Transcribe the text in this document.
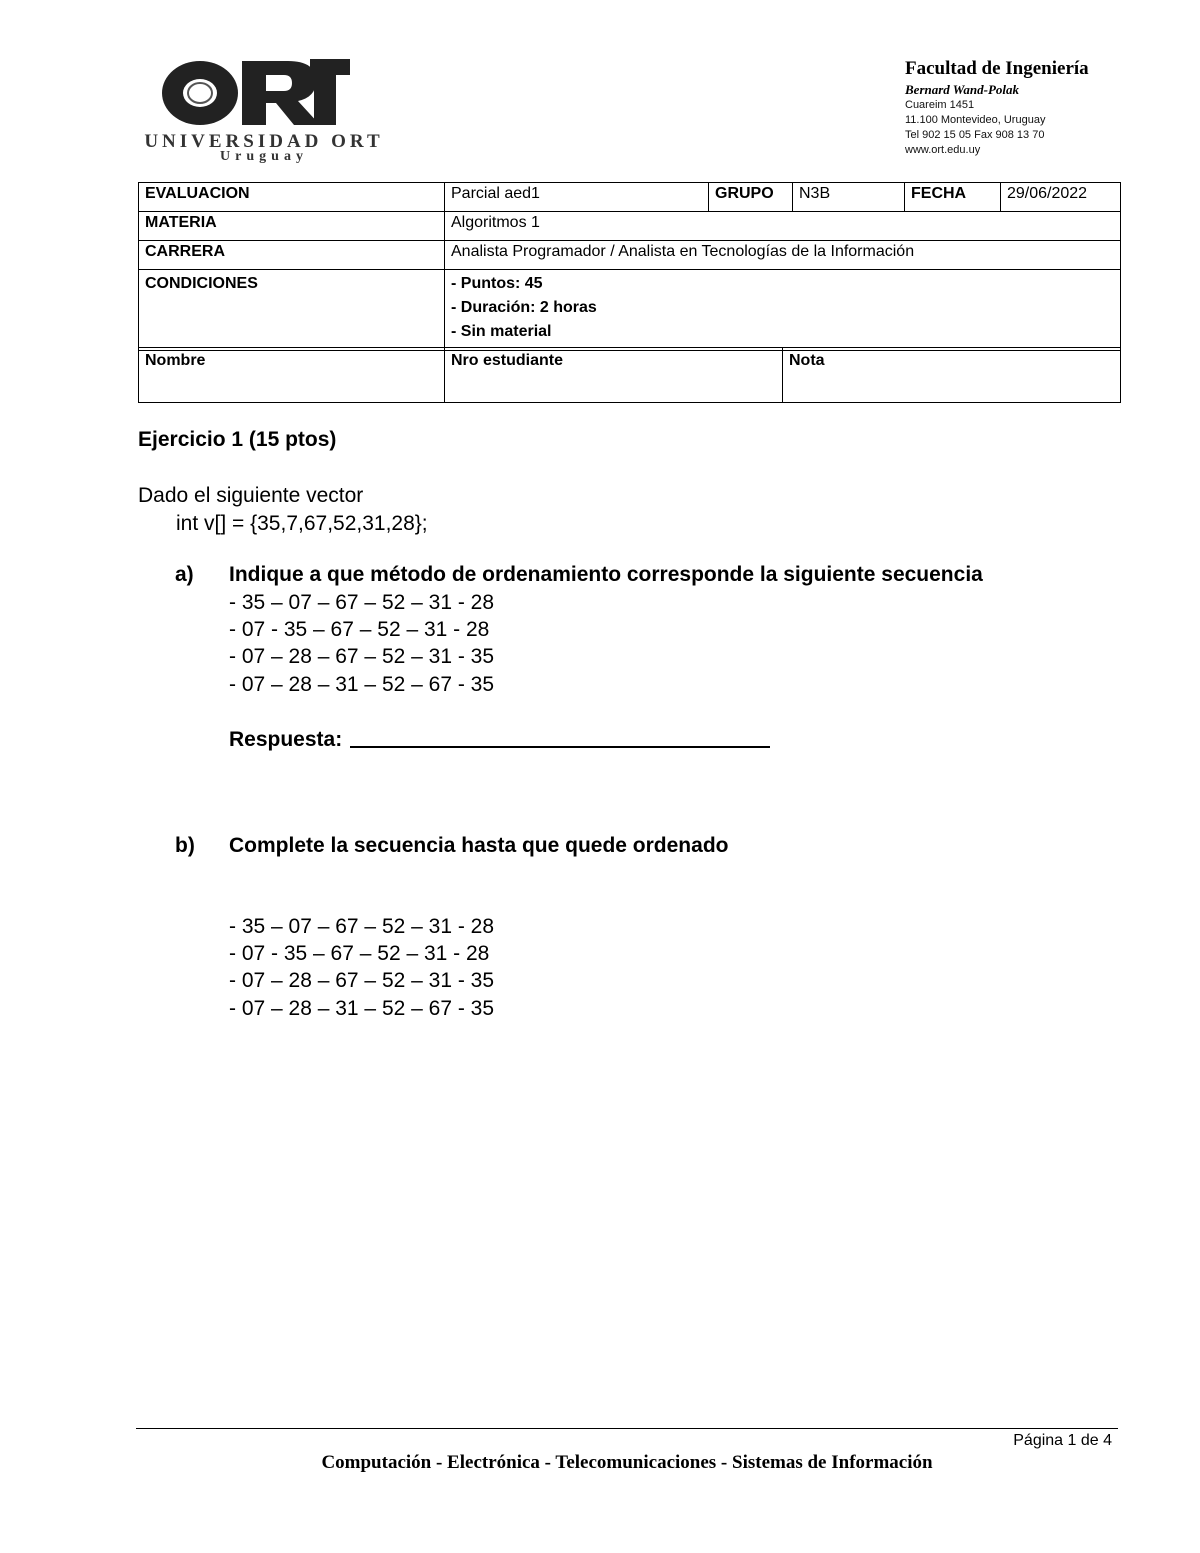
UNIVERSIDAD ORT
Uruguay
Facultad de Ingeniería
Bernard Wand-Polak
Cuareim 1451
11.100 Montevideo, Uruguay
Tel 902 15 05 Fax 908 13 70
www.ort.edu.uy
EVALUACION	Parcial aed1	GRUPO	N3B	FECHA	29/06/2022
MATERIA	Algoritmos 1				
CARRERA	Analista Programador / Analista en Tecnologías de la Información				
CONDICIONES	- Puntos: 45
- Duración: 2 horas
- Sin material				
Nombre	Nro estudiante	Nota
Ejercicio 1 (15 ptos)
Dado el siguiente vector
int v[] = {35,7,67,52,31,28};
a) Indique a que método de ordenamiento corresponde la siguiente secuencia
- 35 – 07 – 67 – 52 – 31 - 28
- 07 - 35 – 67 – 52 – 31 - 28
- 07 – 28 – 67 – 52 – 31 - 35
- 07 – 28 – 31 – 52 – 67 - 35
Respuesta:
b) Complete la secuencia hasta que quede ordenado
- 35 – 07 – 67 – 52 – 31 - 28
- 07 - 35 – 67 – 52 – 31 - 28
- 07 – 28 – 67 – 52 – 31 - 35
- 07 – 28 – 31 – 52 – 67 - 35
Página 1 de 4
Computación - Electrónica - Telecomunicaciones - Sistemas de Información
